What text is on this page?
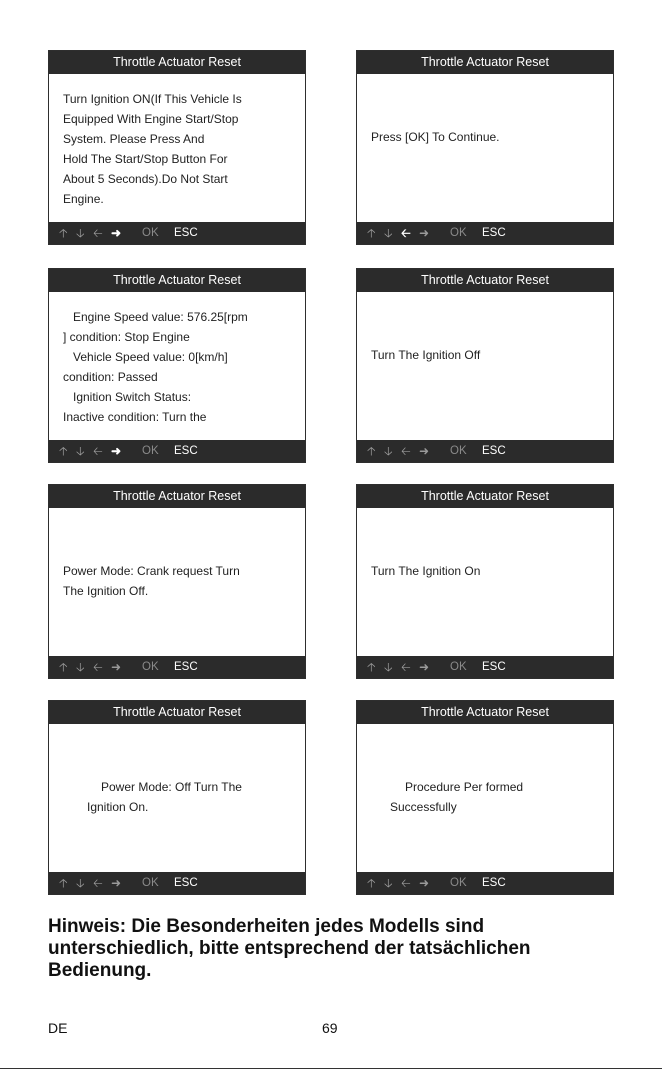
Throttle Actuator Reset
Turn Ignition ON(If This Vehicle Is
Equipped With Engine Start/Stop
System. Please Press And
Hold The Start/Stop Button For
About 5 Seconds).Do Not Start
Engine.
🡡 🡣 🡠 ➜ OK ESC
Throttle Actuator Reset
Press [OK] To Continue.
🡡 🡣 🡠 ➜ OK ESC
Throttle Actuator Reset
Engine Speed value: 576.25[rpm
] condition: Stop Engine
Vehicle Speed value: 0[km/h]
condition: Passed
Ignition Switch Status:
Inactive condition: Turn the
🡡 🡣 🡠 ➜ OK ESC
Throttle Actuator Reset
Turn The Ignition Off
🡡 🡣 🡠 ➜ OK ESC
Throttle Actuator Reset
Power Mode: Crank request Turn
The Ignition Off.
🡡 🡣 🡠 ➜ OK ESC
Throttle Actuator Reset
Turn The Ignition On
🡡 🡣 🡠 ➜ OK ESC
Throttle Actuator Reset
Power Mode: Off Turn The
Ignition On.
🡡 🡣 🡠 ➜ OK ESC
Throttle Actuator Reset
Procedure Per formed
Successfully
🡡 🡣 🡠 ➜ OK ESC
Hinweis: Die Besonderheiten jedes Modells sind unterschiedlich, bitte entsprechend der tatsächlichen Bedienung.
DE	69
